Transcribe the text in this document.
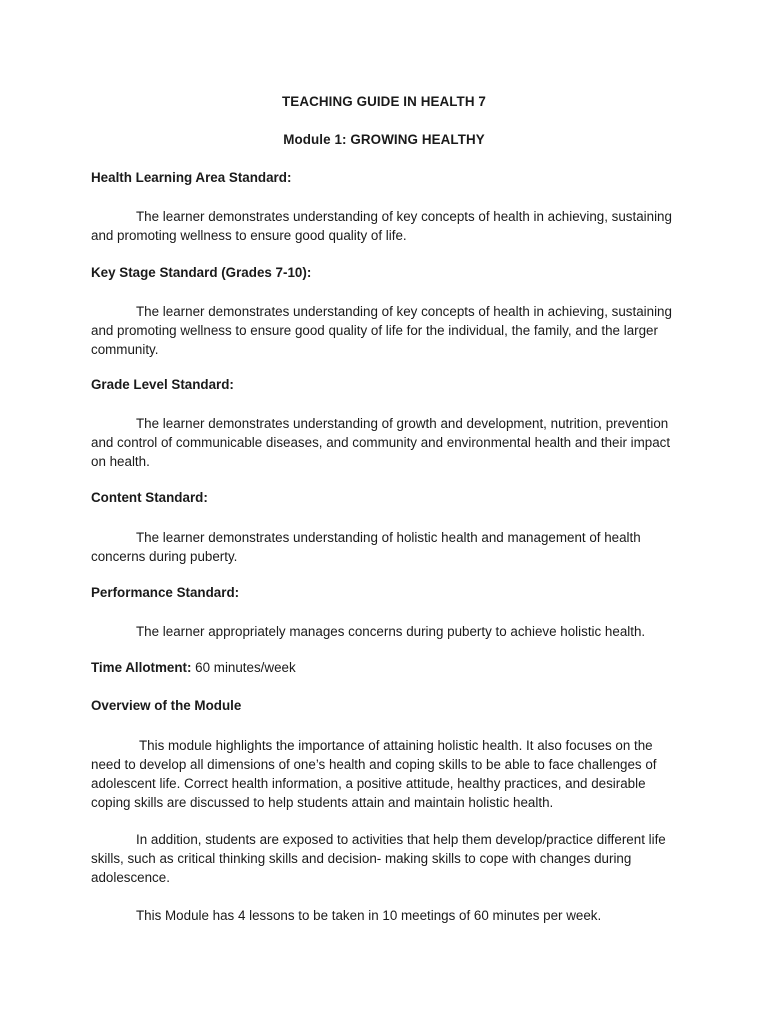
TEACHING GUIDE IN HEALTH 7
Module 1: GROWING HEALTHY
Health Learning Area Standard:

The learner demonstrates understanding of key concepts of health in achieving, sustaining and promoting wellness to ensure good quality of life.

Key Stage Standard (Grades 7-10):

The learner demonstrates understanding of key concepts of health in achieving, sustaining and promoting wellness to ensure good quality of life for the individual, the family, and the larger community.

Grade Level Standard:

The learner demonstrates understanding of growth and development, nutrition, prevention and control of communicable diseases, and community and environmental health and their impact on health.

Content Standard:

The learner demonstrates understanding of holistic health and management of health concerns during puberty.

Performance Standard:

The learner appropriately manages concerns during puberty to achieve holistic health.

Time Allotment: 60 minutes/week
Overview of the Module

This module highlights the importance of attaining holistic health. It also focuses on the need to develop all dimensions of one’s health and coping skills to be able to face challenges of adolescent life. Correct health information, a positive attitude, healthy practices, and desirable coping skills are discussed to help students attain and maintain holistic health.

In addition, students are exposed to activities that help them develop/practice different life skills, such as critical thinking skills and decision- making skills to cope with changes during adolescence.

This Module has 4 lessons to be taken in 10 meetings of 60 minutes per week.
